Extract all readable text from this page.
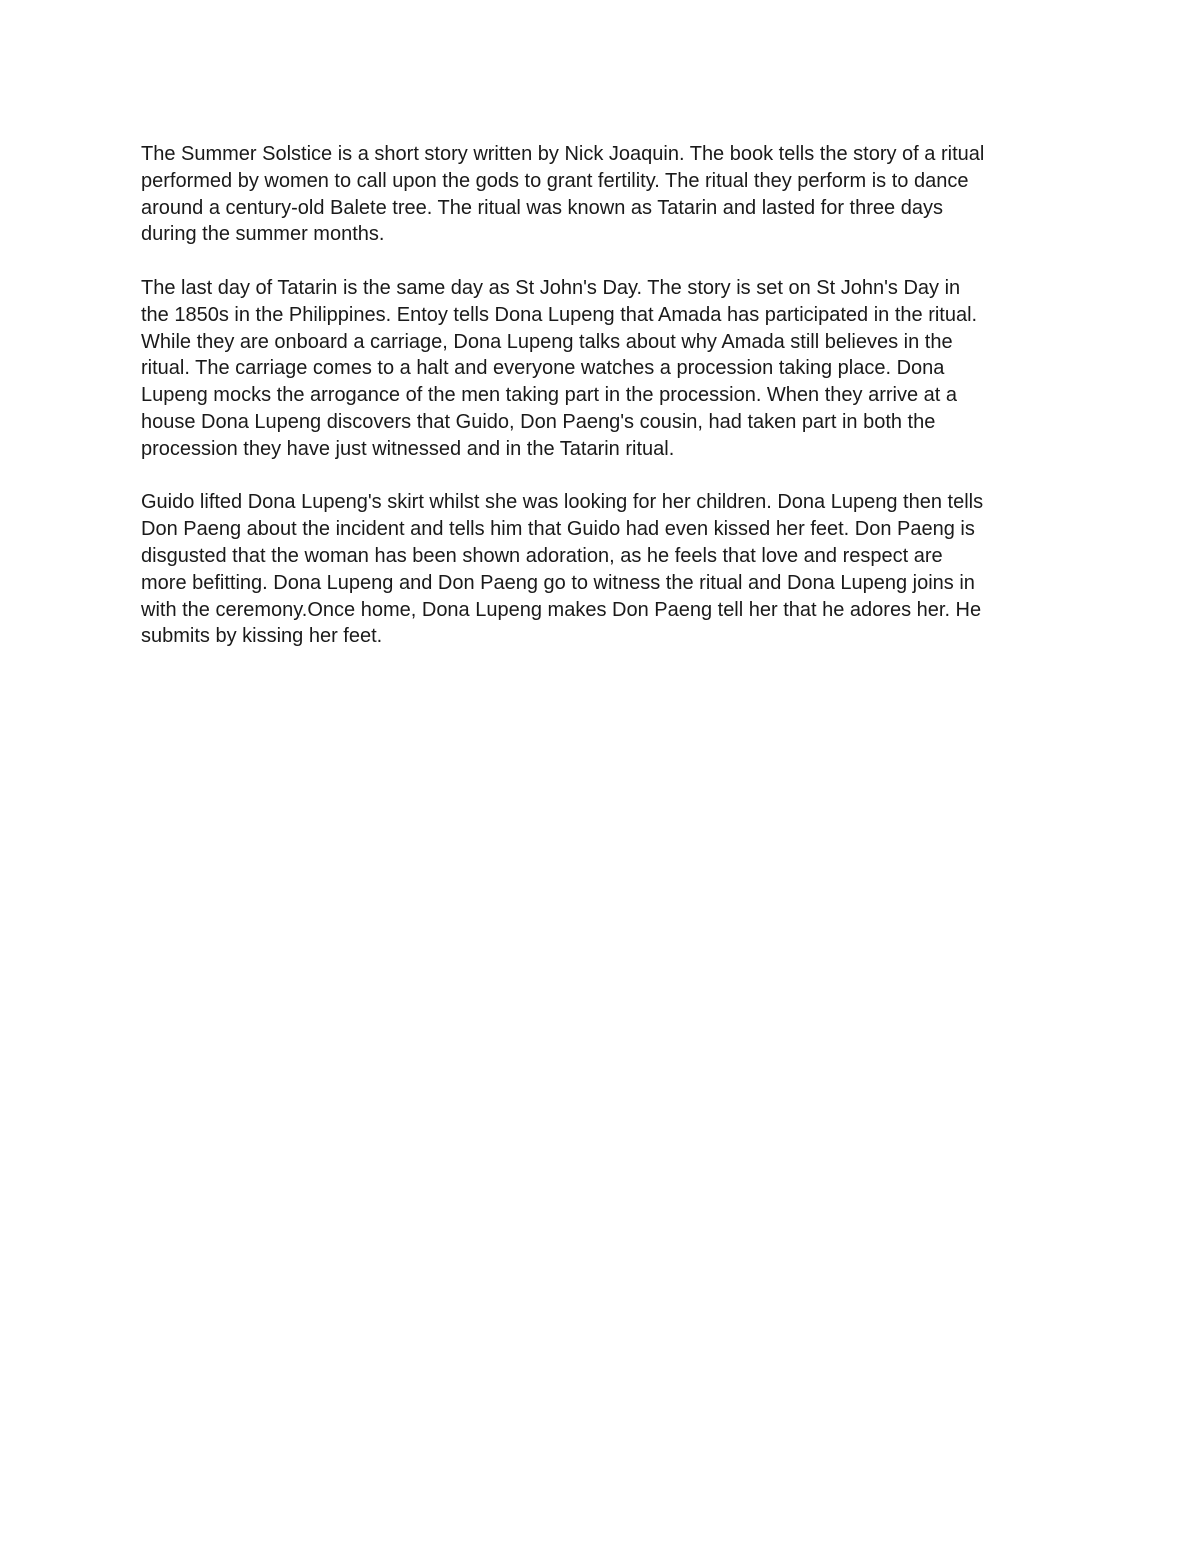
The Summer Solstice is a short story written by Nick Joaquin. The book tells the story of a ritual
performed by women to call upon the gods to grant fertility. The ritual they perform is to dance
around a century-old Balete tree. The ritual was known as Tatarin and lasted for three days
during the summer months.

The last day of Tatarin is the same day as St John's Day. The story is set on St John's Day in
the 1850s in the Philippines. Entoy tells Dona Lupeng that Amada has participated in the ritual.
While they are onboard a carriage, Dona Lupeng talks about why Amada still believes in the
ritual. The carriage comes to a halt and everyone watches a procession taking place. Dona
Lupeng mocks the arrogance of the men taking part in the procession. When they arrive at a
house Dona Lupeng discovers that Guido, Don Paeng's cousin, had taken part in both the
procession they have just witnessed and in the Tatarin ritual.

Guido lifted Dona Lupeng's skirt whilst she was looking for her children. Dona Lupeng then tells
Don Paeng about the incident and tells him that Guido had even kissed her feet. Don Paeng is
disgusted that the woman has been shown adoration, as he feels that love and respect are
more befitting. Dona Lupeng and Don Paeng go to witness the ritual and Dona Lupeng joins in
with the ceremony.Once home, Dona Lupeng makes Don Paeng tell her that he adores her. He
submits by kissing her feet.
